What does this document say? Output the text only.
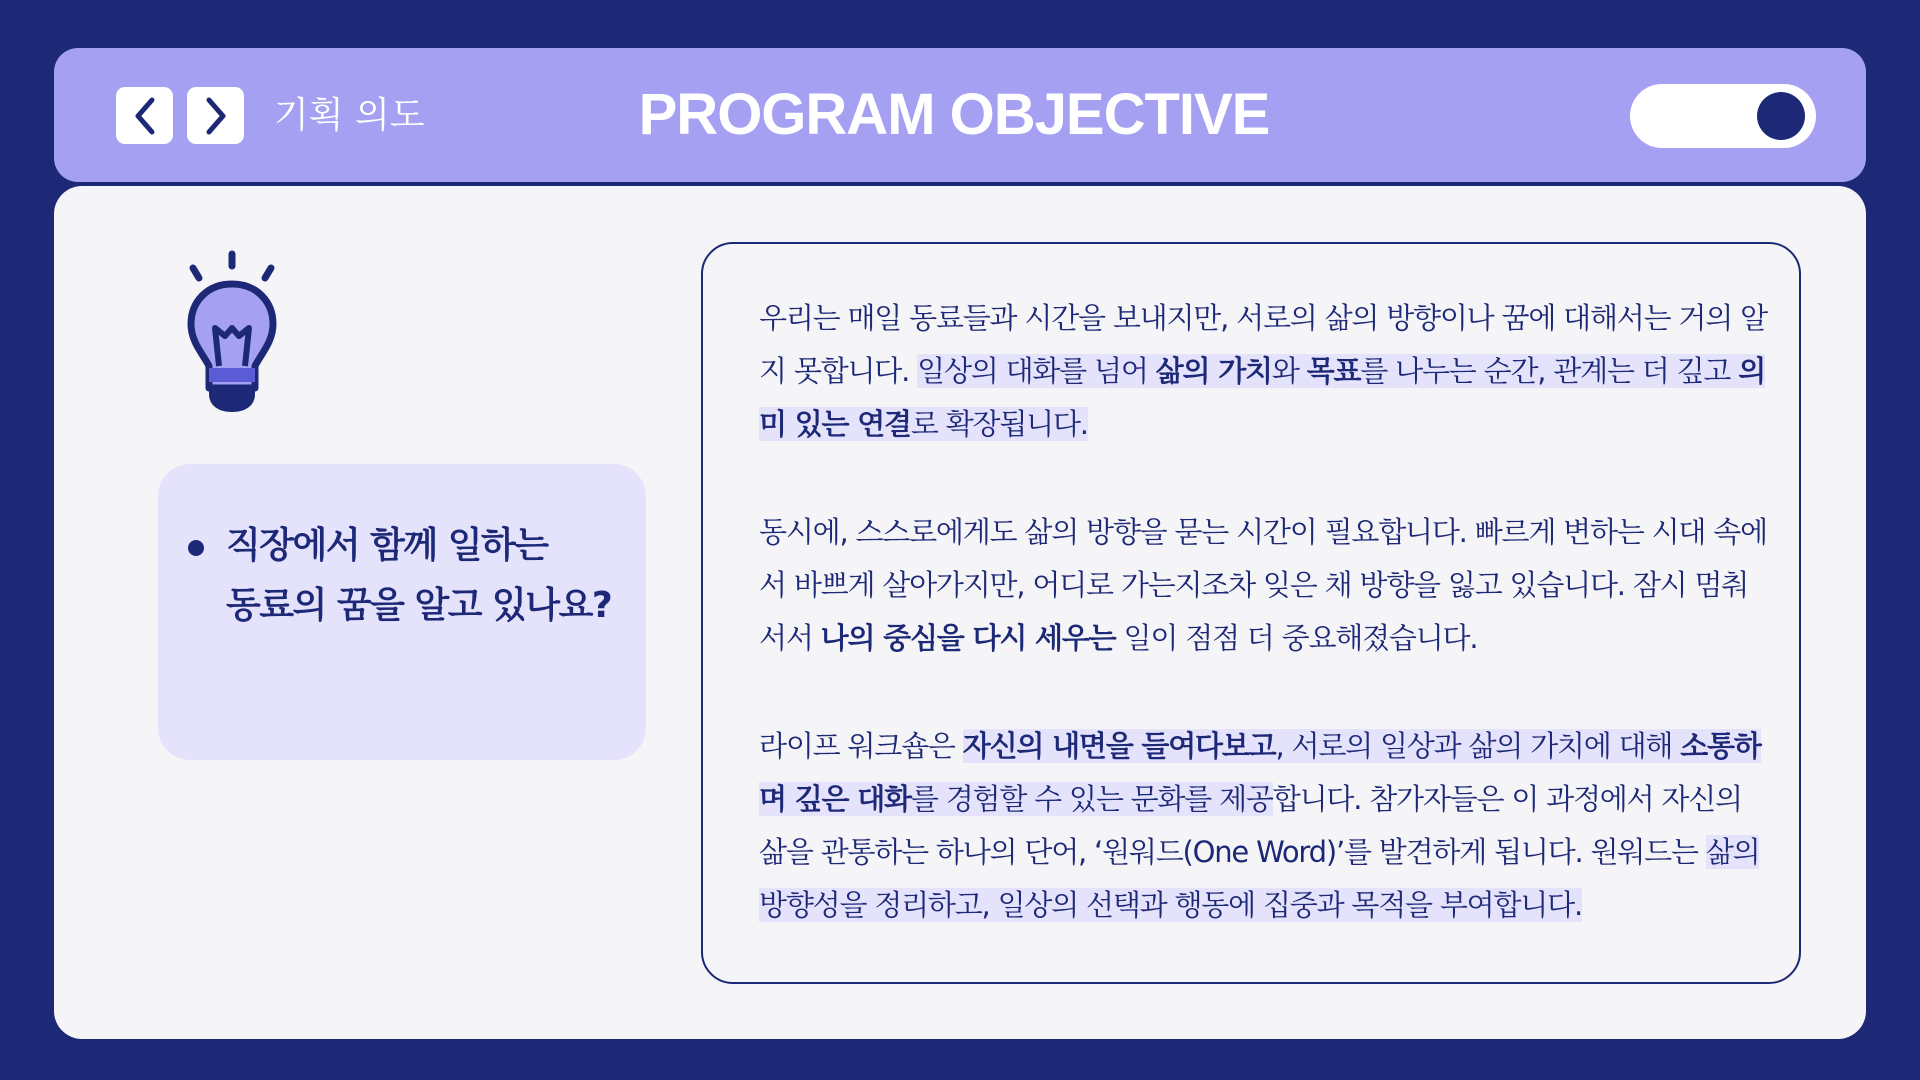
기획 의도	PROGRAM OBJECTIVE
직장에서 함께 일하는
동료의 꿈을 알고 있나요?
우리는 매일 동료들과 시간을 보내지만, 서로의 삶의 방향이나 꿈에 대해서는 거의 알지 못합니다. 일상의 대화를 넘어 삶의 가치와 목표를 나누는 순간, 관계는 더 깊고 의미 있는 연결로 확장됩니다.
동시에, 스스로에게도 삶의 방향을 묻는 시간이 필요합니다. 빠르게 변하는 시대 속에서 바쁘게 살아가지만, 어디로 가는지조차 잊은 채 방향을 잃고 있습니다. 잠시 멈춰 서서 나의 중심을 다시 세우는 일이 점점 더 중요해졌습니다.
라이프 워크숍은 자신의 내면을 들여다보고, 서로의 일상과 삶의 가치에 대해 소통하며 깊은 대화를 경험할 수 있는 문화를 제공합니다. 참가자들은 이 과정에서 자신의 삶을 관통하는 하나의 단어, ‘원워드(One Word)’를 발견하게 됩니다. 원워드는 삶의 방향성을 정리하고, 일상의 선택과 행동에 집중과 목적을 부여합니다.
